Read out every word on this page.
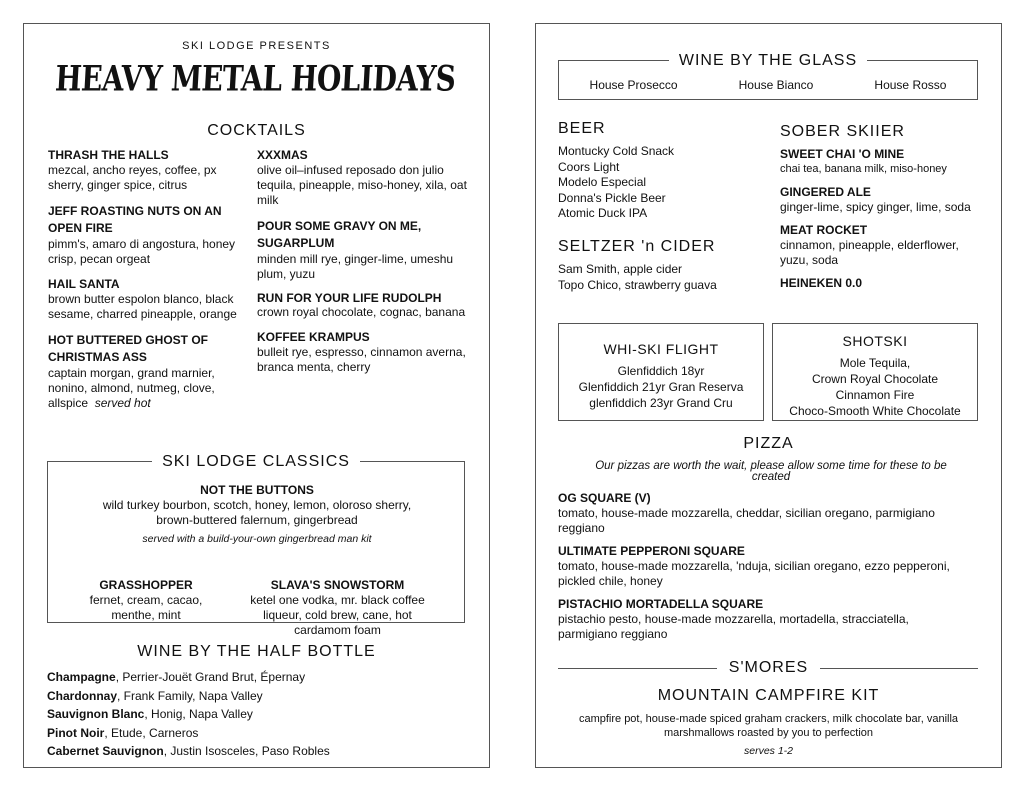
SKI LODGE PRESENTS
HEAVY METAL HOLIDAYS
COCKTAILS
THRASH THE HALLS
mezcal, ancho reyes, coffee, px sherry, ginger spice, citrus
JEFF ROASTING NUTS ON AN OPEN FIRE
pimm's, amaro di angostura, honey crisp, pecan orgeat
HAIL SANTA
brown butter espolon blanco, black sesame, charred pineapple, orange
HOT BUTTERED GHOST OF CHRISTMAS ASS
captain morgan, grand marnier, nonino, almond, nutmeg, clove, allspice served hot
XXXMAS
olive oil–infused reposado don julio tequila, pineapple, miso-honey, xila, oat milk
POUR SOME GRAVY ON ME, SUGARPLUM
minden mill rye, ginger-lime, umeshu plum, yuzu
RUN FOR YOUR LIFE RUDOLPH
crown royal chocolate, cognac, banana
KOFFEE KRAMPUS
bulleit rye, espresso, cinnamon averna, branca menta, cherry
SKI LODGE CLASSICS
NOT THE BUTTONS
wild turkey bourbon, scotch, honey, lemon, oloroso sherry, brown-buttered falernum, gingerbread
served with a build-your-own gingerbread man kit
GRASSHOPPER
fernet, cream, cacao, menthe, mint
SLAVA'S SNOWSTORM
ketel one vodka, mr. black coffee liqueur, cold brew, cane, hot cardamom foam
WINE BY THE HALF BOTTLE
Champagne, Perrier-Jouët Grand Brut, Épernay
Chardonnay, Frank Family, Napa Valley
Sauvignon Blanc, Honig, Napa Valley
Pinot Noir, Etude, Carneros
Cabernet Sauvignon, Justin Isosceles, Paso Robles
WINE BY THE GLASS
House Prosecco	House Bianco	House Rosso
BEER
Montucky Cold Snack
Coors Light
Modelo Especial
Donna's Pickle Beer
Atomic Duck IPA
SELTZER 'n CIDER
Sam Smith, apple cider
Topo Chico, strawberry guava
SOBER SKIIER
SWEET CHAI 'O MINE
chai tea, banana milk, miso-honey
GINGERED ALE
ginger-lime, spicy ginger, lime, soda
MEAT ROCKET
cinnamon, pineapple, elderflower, yuzu, soda
HEINEKEN 0.0
WHI-SKI FLIGHT
Glenfiddich 18yr
Glenfiddich 21yr Gran Reserva
glenfiddich 23yr Grand Cru
SHOTSKI
Mole Tequila,
Crown Royal Chocolate
Cinnamon Fire
Choco-Smooth White Chocolate
PIZZA
Our pizzas are worth the wait, please allow some time for these to be created
OG SQUARE (V)
tomato, house-made mozzarella, cheddar, sicilian oregano, parmigiano reggiano
ULTIMATE PEPPERONI SQUARE
tomato, house-made mozzarella, 'nduja, sicilian oregano, ezzo pepperoni, pickled chile, honey
PISTACHIO MORTADELLA SQUARE
pistachio pesto, house-made mozzarella, mortadella, stracciatella, parmigiano reggiano
S'MORES
MOUNTAIN CAMPFIRE KIT
campfire pot, house-made spiced graham crackers, milk chocolate bar, vanilla marshmallows roasted by you to perfection
serves 1-2
